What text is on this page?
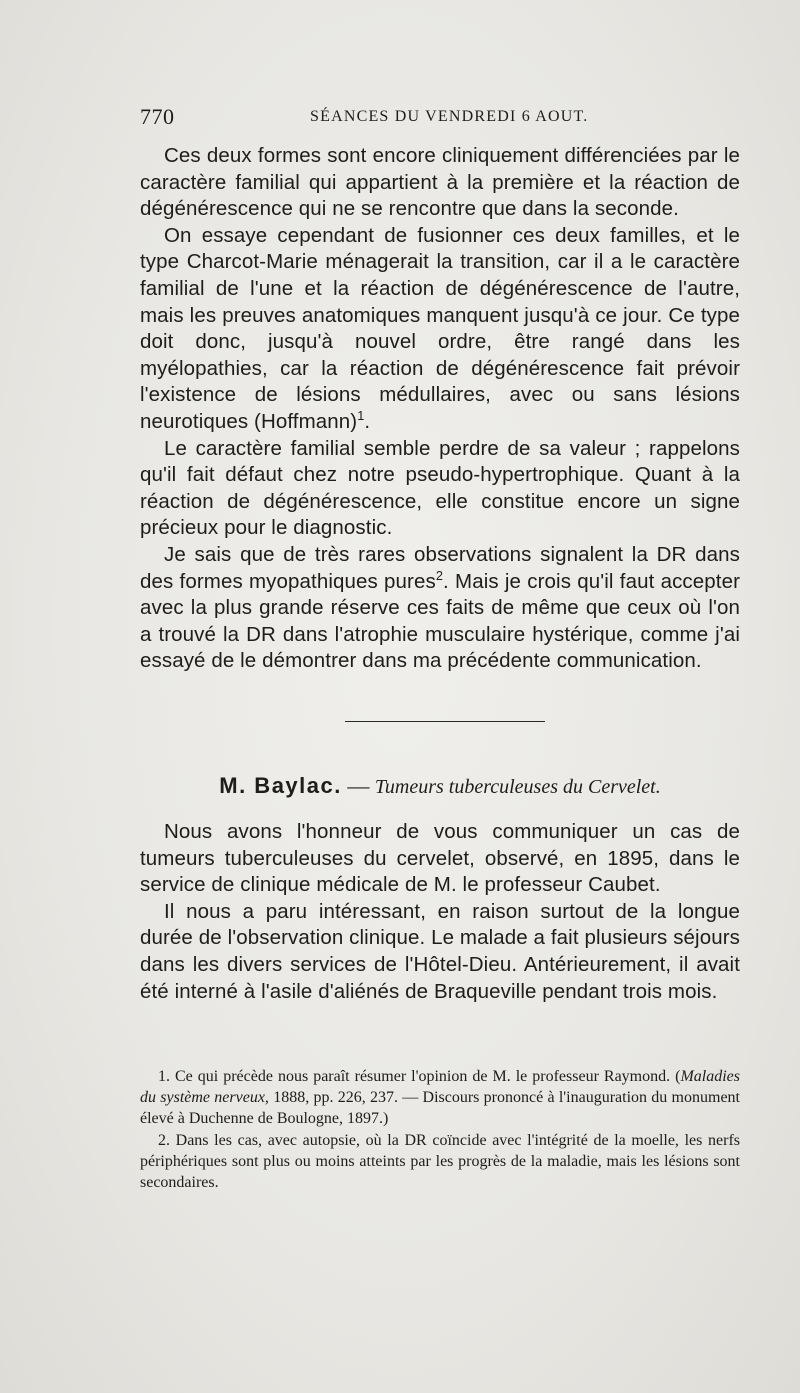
770	SÉANCES DU VENDREDI 6 AOUT.

Ces deux formes sont encore cliniquement différenciées par le caractère familial qui appartient à la première et la réaction de dégénérescence qui ne se rencontre que dans la seconde.

On essaye cependant de fusionner ces deux familles, et le type Charcot-Marie ménagerait la transition, car il a le caractère familial de l'une et la réaction de dégénérescence de l'autre, mais les preuves anatomiques manquent jusqu'à ce jour. Ce type doit donc, jusqu'à nouvel ordre, être rangé dans les myélopathies, car la réaction de dégénérescence fait prévoir l'existence de lésions médullaires, avec ou sans lésions neurotiques (Hoffmann)$^1$.

Le caractère familial semble perdre de sa valeur ; rappelons qu'il fait défaut chez notre pseudo-hypertrophique. Quant à la réaction de dégénérescence, elle constitue encore un signe précieux pour le diagnostic.

Je sais que de très rares observations signalent la DR dans des formes myopathiques pures$^2$. Mais je crois qu'il faut accepter avec la plus grande réserve ces faits de même que ceux où l'on a trouvé la DR dans l'atrophie musculaire hystérique, comme j'ai essayé de le démontrer dans ma précédente communication.

M. Baylac. — Tumeurs tuberculeuses du Cervelet.

Nous avons l'honneur de vous communiquer un cas de tumeurs tuberculeuses du cervelet, observé, en 1895, dans le service de clinique médicale de M. le professeur Caubet.

Il nous a paru intéressant, en raison surtout de la longue durée de l'observation clinique. Le malade a fait plusieurs séjours dans les divers services de l'Hôtel-Dieu. Antérieurement, il avait été interné à l'asile d'aliénés de Braqueville pendant trois mois.

1. Ce qui précède nous paraît résumer l'opinion de M. le professeur Raymond. (Maladies du système nerveux, 1888, pp. 226, 237. — Discours prononcé à l'inauguration du monument élevé à Duchenne de Boulogne, 1897.)

2. Dans les cas, avec autopsie, où la DR coïncide avec l'intégrité de la moelle, les nerfs périphériques sont plus ou moins atteints par les progrès de la maladie, mais les lésions sont secondaires.
